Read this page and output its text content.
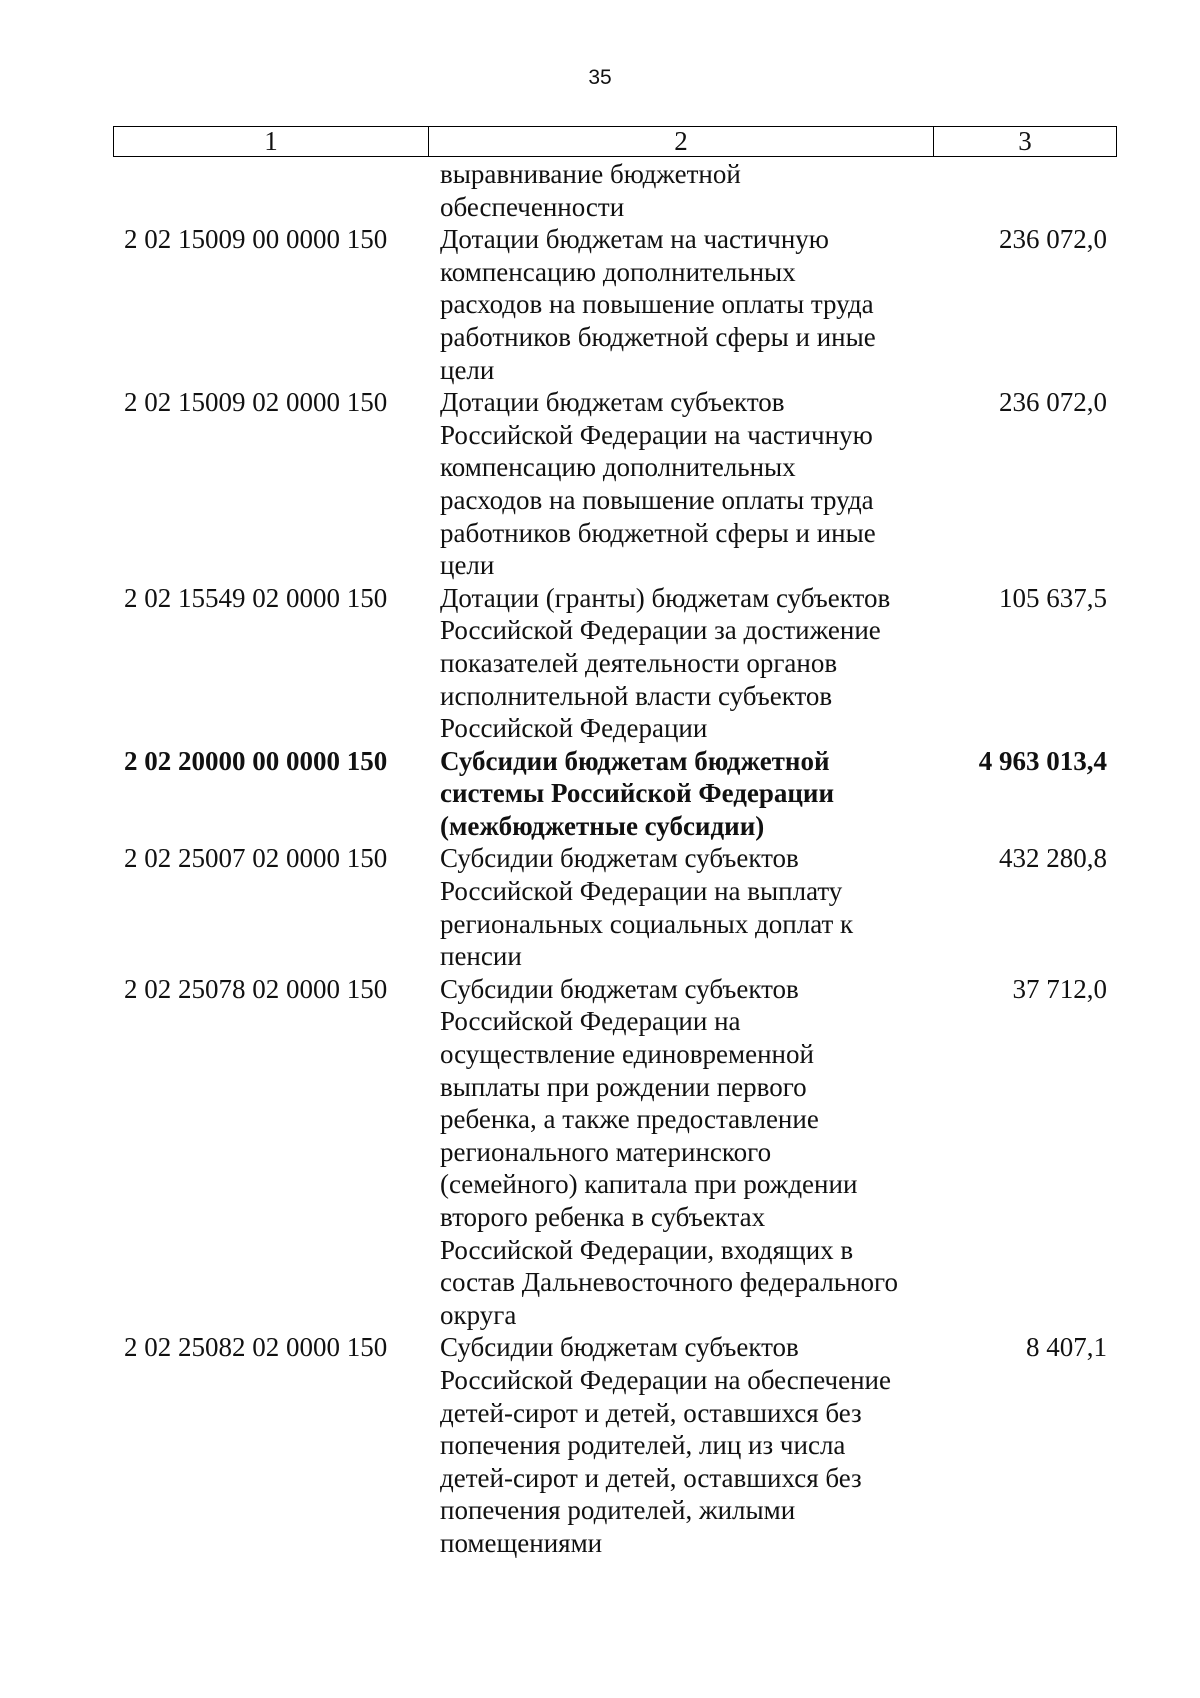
35
1	2	3
выравнивание бюджетной
обеспеченности
2 02 15009 00 0000 150	Дотации бюджетам на частичную
компенсацию дополнительных
расходов на повышение оплаты труда
работников бюджетной сферы и иные
цели
236 072,0
2 02 15009 02 0000 150	Дотации бюджетам субъектов
Российской Федерации на частичную
компенсацию дополнительных
расходов на повышение оплаты труда
работников бюджетной сферы и иные
цели
236 072,0
2 02 15549 02 0000 150	Дотации (гранты) бюджетам субъектов
Российской Федерации за достижение
показателей деятельности органов
исполнительной власти субъектов
Российской Федерации
105 637,5
2 02 20000 00 0000 150	Субсидии бюджетам бюджетной
системы Российской Федерации
(межбюджетные субсидии)
4 963 013,4
2 02 25007 02 0000 150	Субсидии бюджетам субъектов
Российской Федерации на выплату
региональных социальных доплат к
пенсии
432 280,8
2 02 25078 02 0000 150	Субсидии бюджетам субъектов
Российской Федерации на
осуществление единовременной
выплаты при рождении первого
ребенка, а также предоставление
регионального материнского
(семейного) капитала при рождении
второго ребенка в субъектах
Российской Федерации, входящих в
состав Дальневосточного федерального
округа
37 712,0
2 02 25082 02 0000 150	Субсидии бюджетам субъектов
Российской Федерации на обеспечение
детей-сирот и детей, оставшихся без
попечения родителей, лиц из числа
детей-сирот и детей, оставшихся без
попечения родителей, жилыми
помещениями
8 407,1
